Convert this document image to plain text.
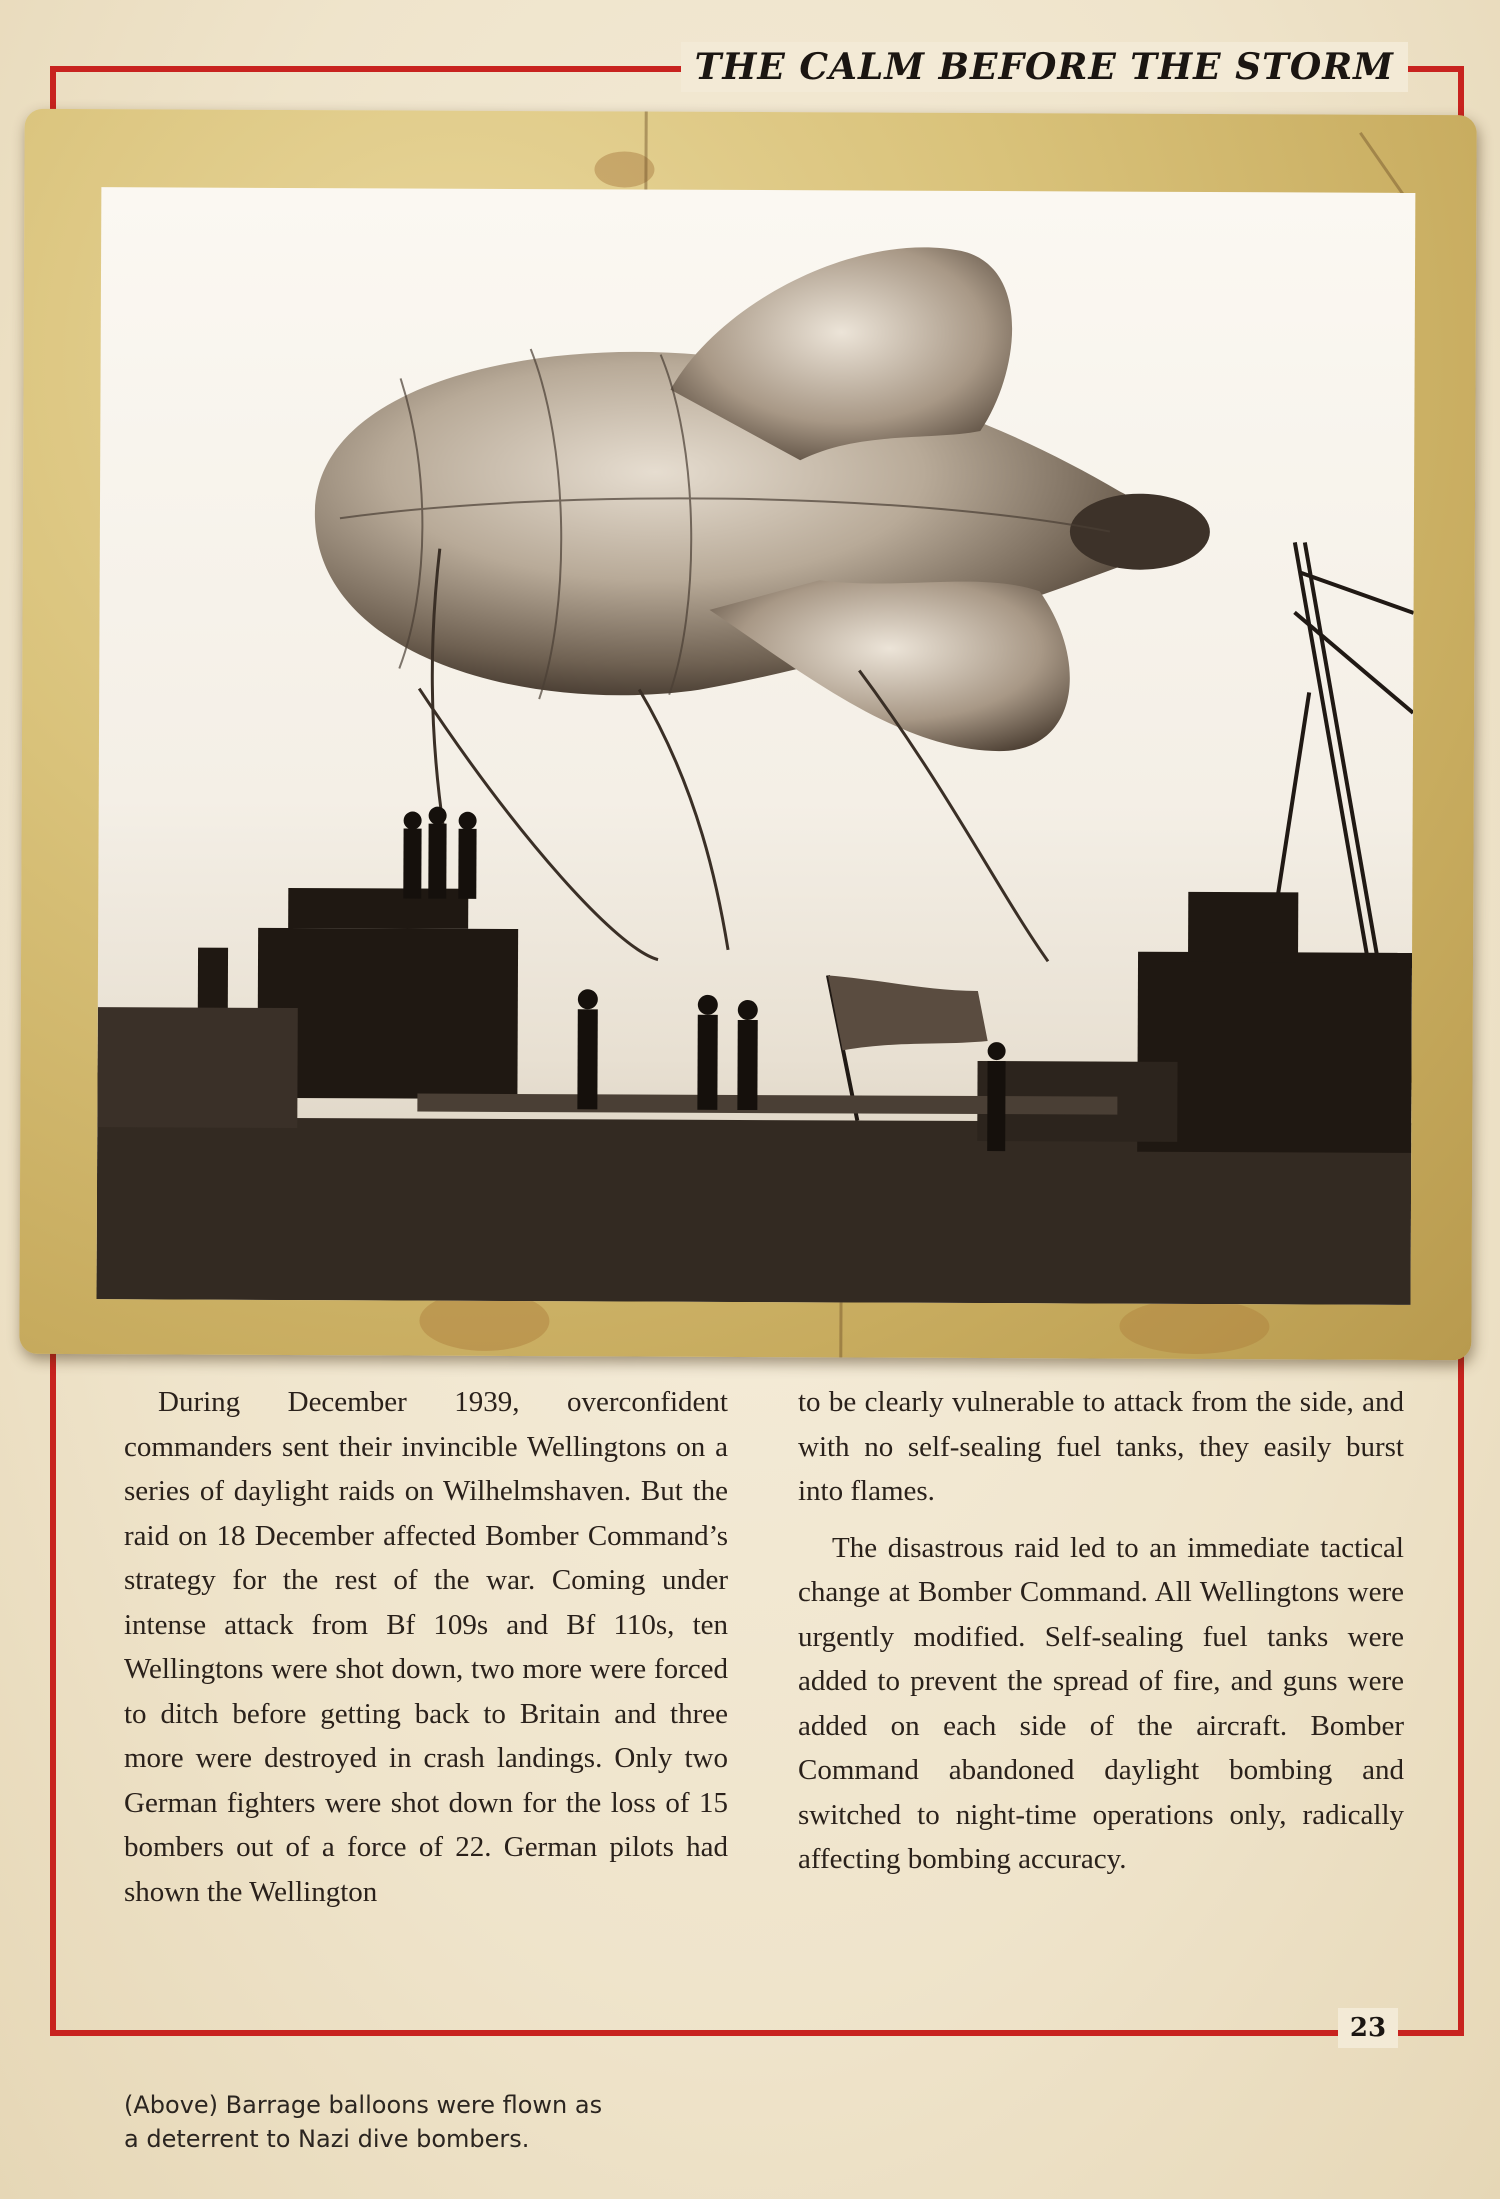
THE CALM BEFORE THE STORM

During December 1939, overconfident commanders sent their invincible Wellingtons on a series of daylight raids on Wilhelmshaven. But the raid on 18 December affected Bomber Command’s strategy for the rest of the war. Coming under intense attack from Bf 109s and Bf 110s, ten Wellingtons were shot down, two more were forced to ditch before getting back to Britain and three more were destroyed in crash landings. Only two German fighters were shot down for the loss of 15 bombers out of a force of 22. German pilots had shown the Wellington

to be clearly vulnerable to attack from the side, and with no self-sealing fuel tanks, they easily burst into flames.

The disastrous raid led to an immediate tactical change at Bomber Command. All Wellingtons were urgently modified. Self-sealing fuel tanks were added to prevent the spread of fire, and guns were added on each side of the aircraft. Bomber Command abandoned daylight bombing and switched to night-time operations only, radically affecting bombing accuracy.

23
(Above) Barrage balloons were flown as
a deterrent to Nazi dive bombers.
